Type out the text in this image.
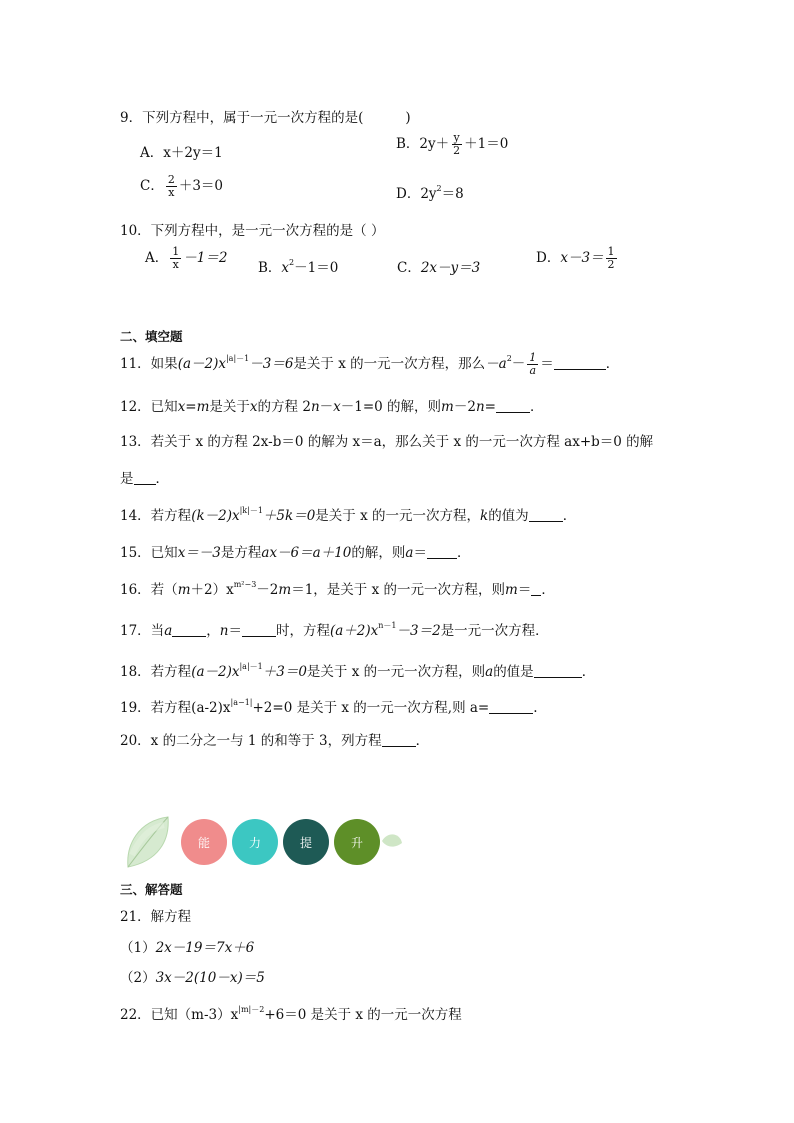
9．下列方程中，属于一元一次方程的是(	)
A．x＋2y＝1
B．$2y+ \frac{y}{2} +1=0$
C． $\frac{2}{x} +3=0$	D．$2y^2=8$
10．下列方程中，是一元一次方程的是（ ）
A． $\frac{1}{x} -1=2$
B．$x^2-1=0$	C．2x－y＝3
D．$x-3= \frac{1}{2}$
二、填空题
11．如果$(a-2)x^{|a|-1}-3=6$是关于 x 的一元一次方程，那么$-a^2- \frac{1}{a}$ ＝	．
12．已知x=m是关于x的方程 2n－x－1=0 的解，则m－2n=	．
13．若关于 x 的方程 2x-b＝0 的解为 x＝a，那么关于 x 的一元一次方程 ax+b＝0 的解
是 ．
14．若方程$(k-2)x^{|k|-1}+5k=0$是关于 x 的一元一次方程，k的值为	．
15．已知x＝－3是方程ax－6＝a＋10的解，则a＝ ．
16．若$(m+2)x^{m^2-3}-2m=1$，是关于 x 的一元一次方程，则m＝ ．
17．当a	，n＝	时，方程$(a+2)x^{n-1}-3=2$是一元一次方程．
18．若方程$(a-2)x^{|a|-1}+3=0$是关于 x 的一元一次方程，则a的值是	．
19．若方程$(a-2)x^{|a-1|}+2=0$ 是关于 x 的一元一次方程,则 a=	.
20．x 的二分之一与 1 的和等于 3，列方程	．
能	力	提	升
三、解答题
21．解方程
（1）2x－19＝7x＋6
（2）3x－2(10－x)＝5
22．已知$(m-3)x^{|m|-2}+6=0$ 是关于 x 的一元一次方程
